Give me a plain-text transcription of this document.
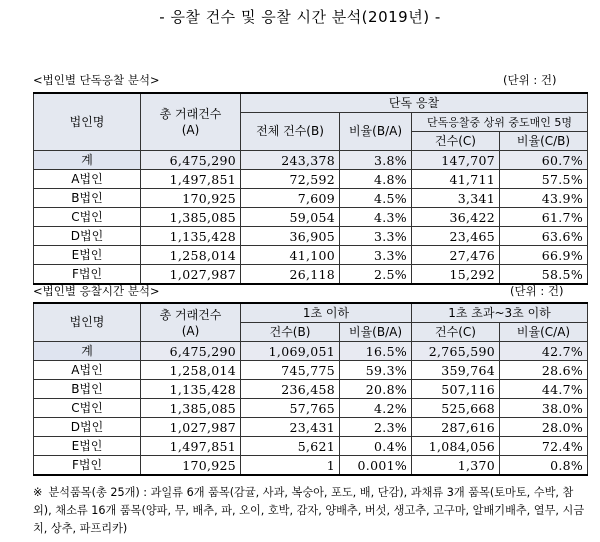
- 응찰 건수 및 응찰 시간 분석(2019년) -
<법인별 단독응찰 분석>	(단위 : 건)
법인명	총 거래건수
(A)	단독 응찰			
		전체 건수(B)	비율(B/A)	단독응찰중 상위 중도매인 5명	
				건수(C)	비율(C/B)
계	6,475,290	243,378	3.8%	147,707	60.7%
A법인	1,497,851	72,592	4.8%	41,711	57.5%
B법인	170,925	7,609	4.5%	3,341	43.9%
C법인	1,385,085	59,054	4.3%	36,422	61.7%
D법인	1,135,428	36,905	3.3%	23,465	63.6%
E법인	1,258,014	41,100	3.3%	27,476	66.9%
F법인	1,027,987	26,118	2.5%	15,292	58.5%
<법인별 응찰시간 분석>	(단위 : 건)
법인명	총 거래건수
(A)	1초 이하		1초 초과~3초 이하	
		건수(B)	비율(B/A)	건수(C)	비율(C/A)
계	6,475,290	1,069,051	16.5%	2,765,590	42.7%
A법인	1,258,014	745,775	59.3%	359,764	28.6%
B법인	1,135,428	236,458	20.8%	507,116	44.7%
C법인	1,385,085	57,765	4.2%	525,668	38.0%
D법인	1,027,987	23,431	2.3%	287,616	28.0%
E법인	1,497,851	5,621	0.4%	1,084,056	72.4%
F법인	170,925	1	0.001%	1,370	0.8%
※ 분석품목(총 25개) : 과일류 6개 품목(감귤, 사과, 복숭아, 포도, 배, 단감), 과채류 3개 품목(토마토, 수박, 참외), 채소류 16개 품목(양파, 무, 배추, 파, 오이, 호박, 감자, 양배추, 버섯, 생고추, 고구마, 알배기배추, 열무, 시금치, 상추, 파프리카)
